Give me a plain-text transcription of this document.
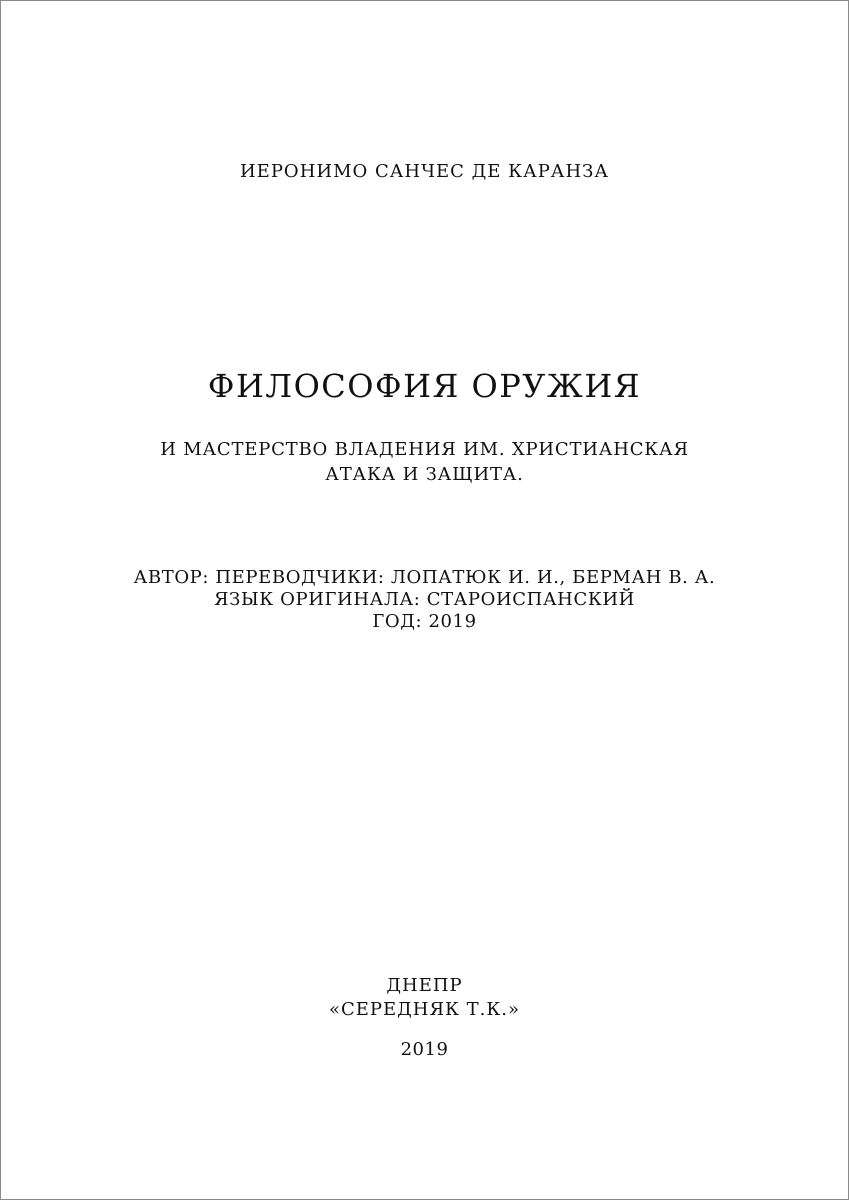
ИЕРОНИМО САНЧЕС ДЕ КАРАНЗА
ФИЛОСОФИЯ ОРУЖИЯ
И МАСТЕРСТВО ВЛАДЕНИЯ ИМ. ХРИСТИАНСКАЯ
АТАКА И ЗАЩИТА.
АВТОР: ПЕРЕВОДЧИКИ: ЛОПАТЮК И. И., БЕРМАН В. А.
ЯЗЫК ОРИГИНАЛА: СТАРОИСПАНСКИЙ
ГОД: 2019
ДНЕПР
«СЕРЕДНЯК Т.К.»
2019
